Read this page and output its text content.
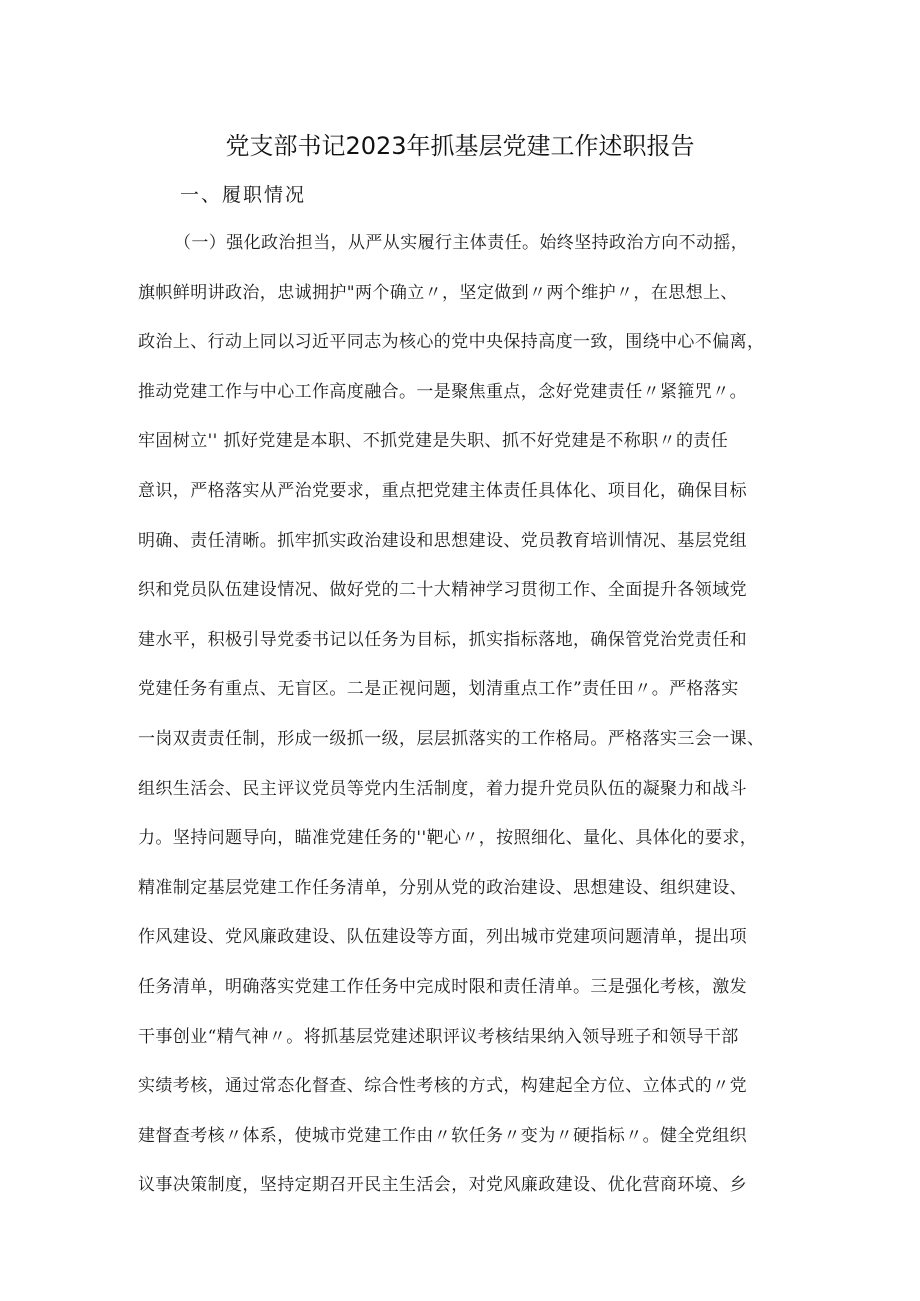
党支部书记2023年抓基层党建工作述职报告
一、履职情况
（一）强化政治担当，从严从实履行主体责任。始终坚持政治方向不动摇，
旗帜鲜明讲政治，忠诚拥护"两个确立〃，坚定做到〃两个维护〃，在思想上、
政治上、行动上同以习近平同志为核心的党中央保持高度一致，围绕中心不偏离，
推动党建工作与中心工作高度融合。一是聚焦重点，念好党建责任〃紧箍咒〃。
牢固树立'' 抓好党建是本职、不抓党建是失职、抓不好党建是不称职〃的责任
意识，严格落实从严治党要求，重点把党建主体责任具体化、项目化，确保目标
明确、责任清晰。抓牢抓实政治建设和思想建设、党员教育培训情况、基层党组
织和党员队伍建设情况、做好党的二十大精神学习贯彻工作、全面提升各领域党
建水平，积极引导党委书记以任务为目标，抓实指标落地，确保管党治党责任和
党建任务有重点、无盲区。二是正视问题，划清重点工作”责任田〃。严格落实
一岗双责责任制，形成一级抓一级，层层抓落实的工作格局。严格落实三会一课、
组织生活会、民主评议党员等党内生活制度，着力提升党员队伍的凝聚力和战斗
力。坚持问题导向，瞄准党建任务的''靶心〃，按照细化、量化、具体化的要求，
精准制定基层党建工作任务清单，分别从党的政治建设、思想建设、组织建设、
作风建设、党风廉政建设、队伍建设等方面，列出城市党建项问题清单，提出项
任务清单，明确落实党建工作任务中完成时限和责任清单。三是强化考核，激发
干事创业“精气神〃。将抓基层党建述职评议考核结果纳入领导班子和领导干部
实绩考核，通过常态化督查、综合性考核的方式，构建起全方位、立体式的〃党
建督查考核〃体系，使城市党建工作由〃软任务〃变为〃硬指标〃。健全党组织
议事决策制度，坚持定期召开民主生活会，对党风廉政建设、优化营商环境、乡
